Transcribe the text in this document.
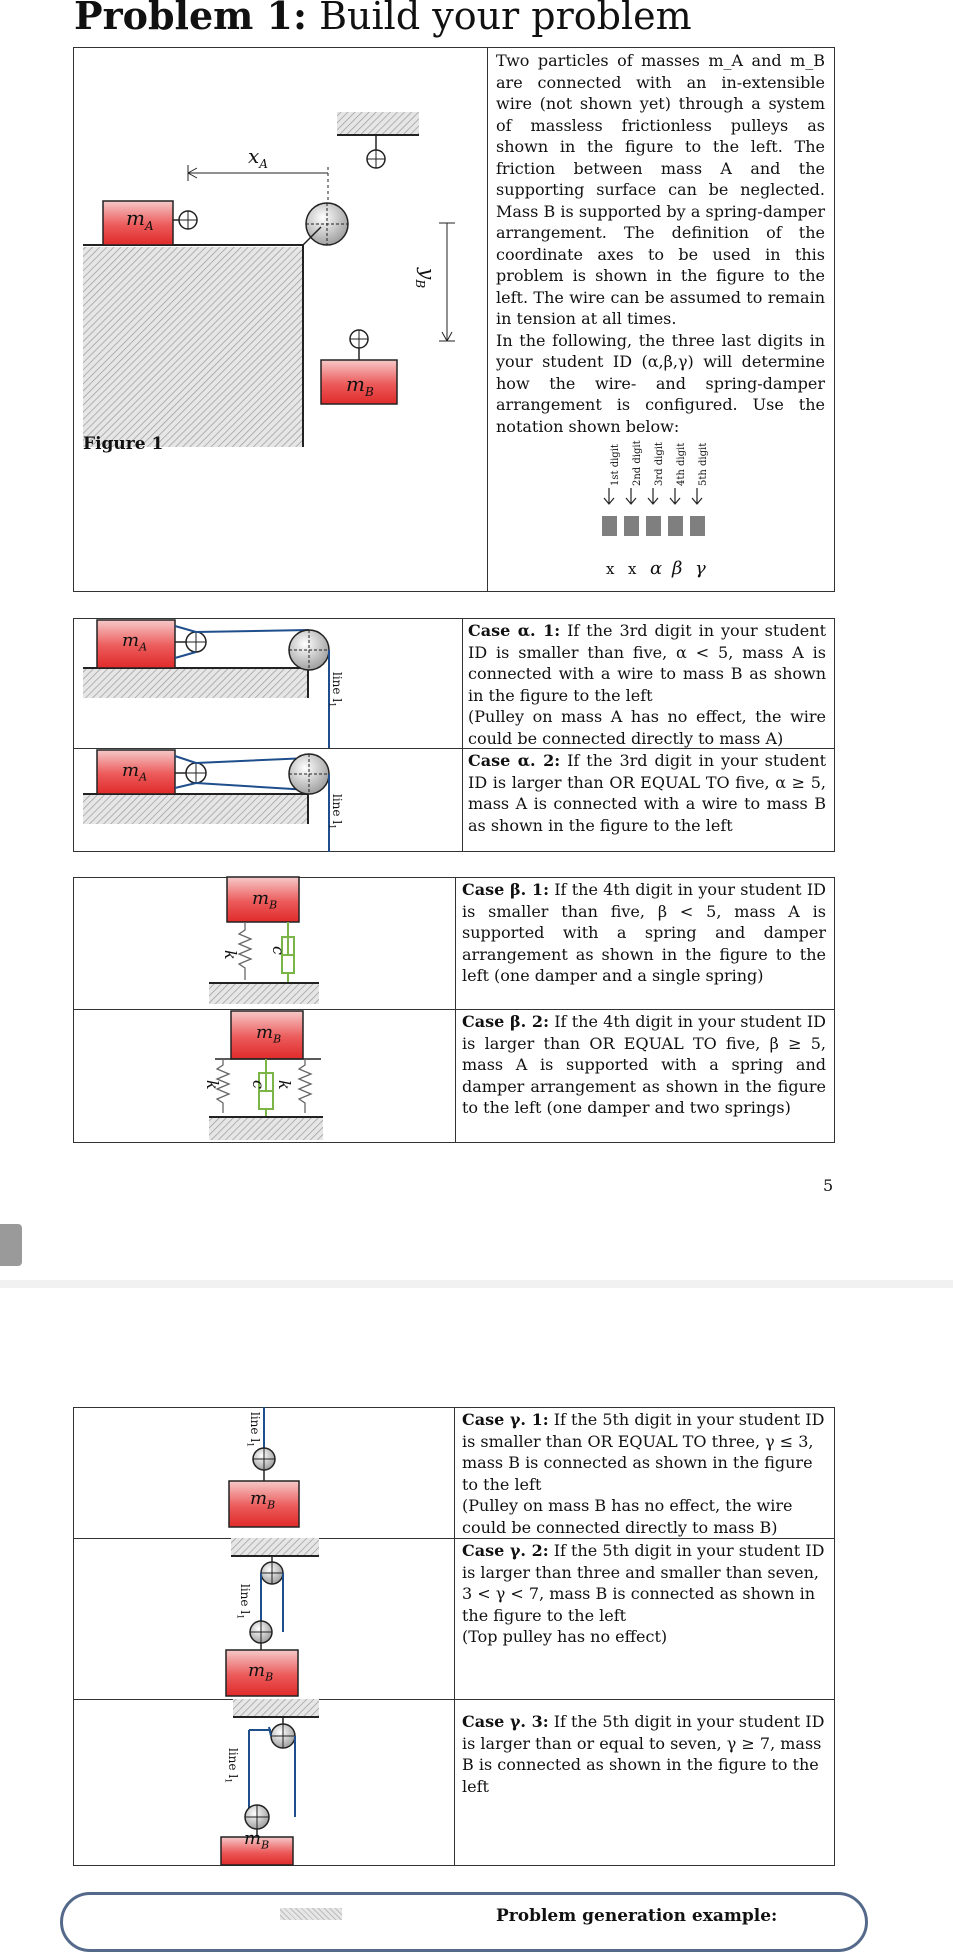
Problem 1: Build your problem
$m_A$
$m_B$
$x_A$
$y_B$
Figure 1

Two particles of masses m_A and m_B are connected with an in-extensible wire (not shown yet) through a system of massless frictionless pulleys as shown in the figure to the left. The friction between mass A and the supporting surface can be neglected. Mass B is supported by a spring-damper arrangement. The definition of the coordinate axes to be used in this problem is shown in the figure to the left. The wire can be assumed to remain in tension at all times.

In the following, the three last digits in your student ID (α,β,γ) will determine how the wire- and spring-damper arrangement is configured. Use the notation shown below:

1st digit 2nd digit 3rd digit 4th digit 5th digit
x x α β γ
$m_A$
line $l_1$

Case α. 1: If the 3rd digit in your student ID is smaller than five, α < 5, mass A is connected with a wire to mass B as shown in the figure to the left

(Pulley on mass A has no effect, the wire could be connected directly to mass A)

$m_A$
line $l_1$

Case α. 2: If the 3rd digit in your student ID is larger than OR EQUAL TO five, α ≥ 5, mass A is connected with a wire to mass B as shown in the figure to the left

$m_B$
k c

Case β. 1: If the 4th digit in your student ID is smaller than five, β < 5, mass A is supported with a spring and damper arrangement as shown in the figure to the left (one damper and a single spring)

$m_B$
k c k

Case β. 2: If the 4th digit in your student ID is larger than OR EQUAL TO five, β ≥ 5, mass A is supported with a spring and damper arrangement as shown in the figure to the left (one damper and two springs)

5
$m_B$
line $l_1$

Case γ. 1: If the 5th digit in your student ID is smaller than OR EQUAL TO three, γ ≤ 3, mass B is connected as shown in the figure to the left

(Pulley on mass B has no effect, the wire could be connected directly to mass B)

$m_B$
line $l_1$

Case γ. 2: If the 5th digit in your student ID is larger than three and smaller than seven, 3 < γ < 7, mass B is connected as shown in the figure to the left

(Top pulley has no effect)

$m_B$
line $l_1$

Case γ. 3: If the 5th digit in your student ID is larger than or equal to seven, γ ≥ 7, mass B is connected as shown in the figure to the left

Problem generation example:
